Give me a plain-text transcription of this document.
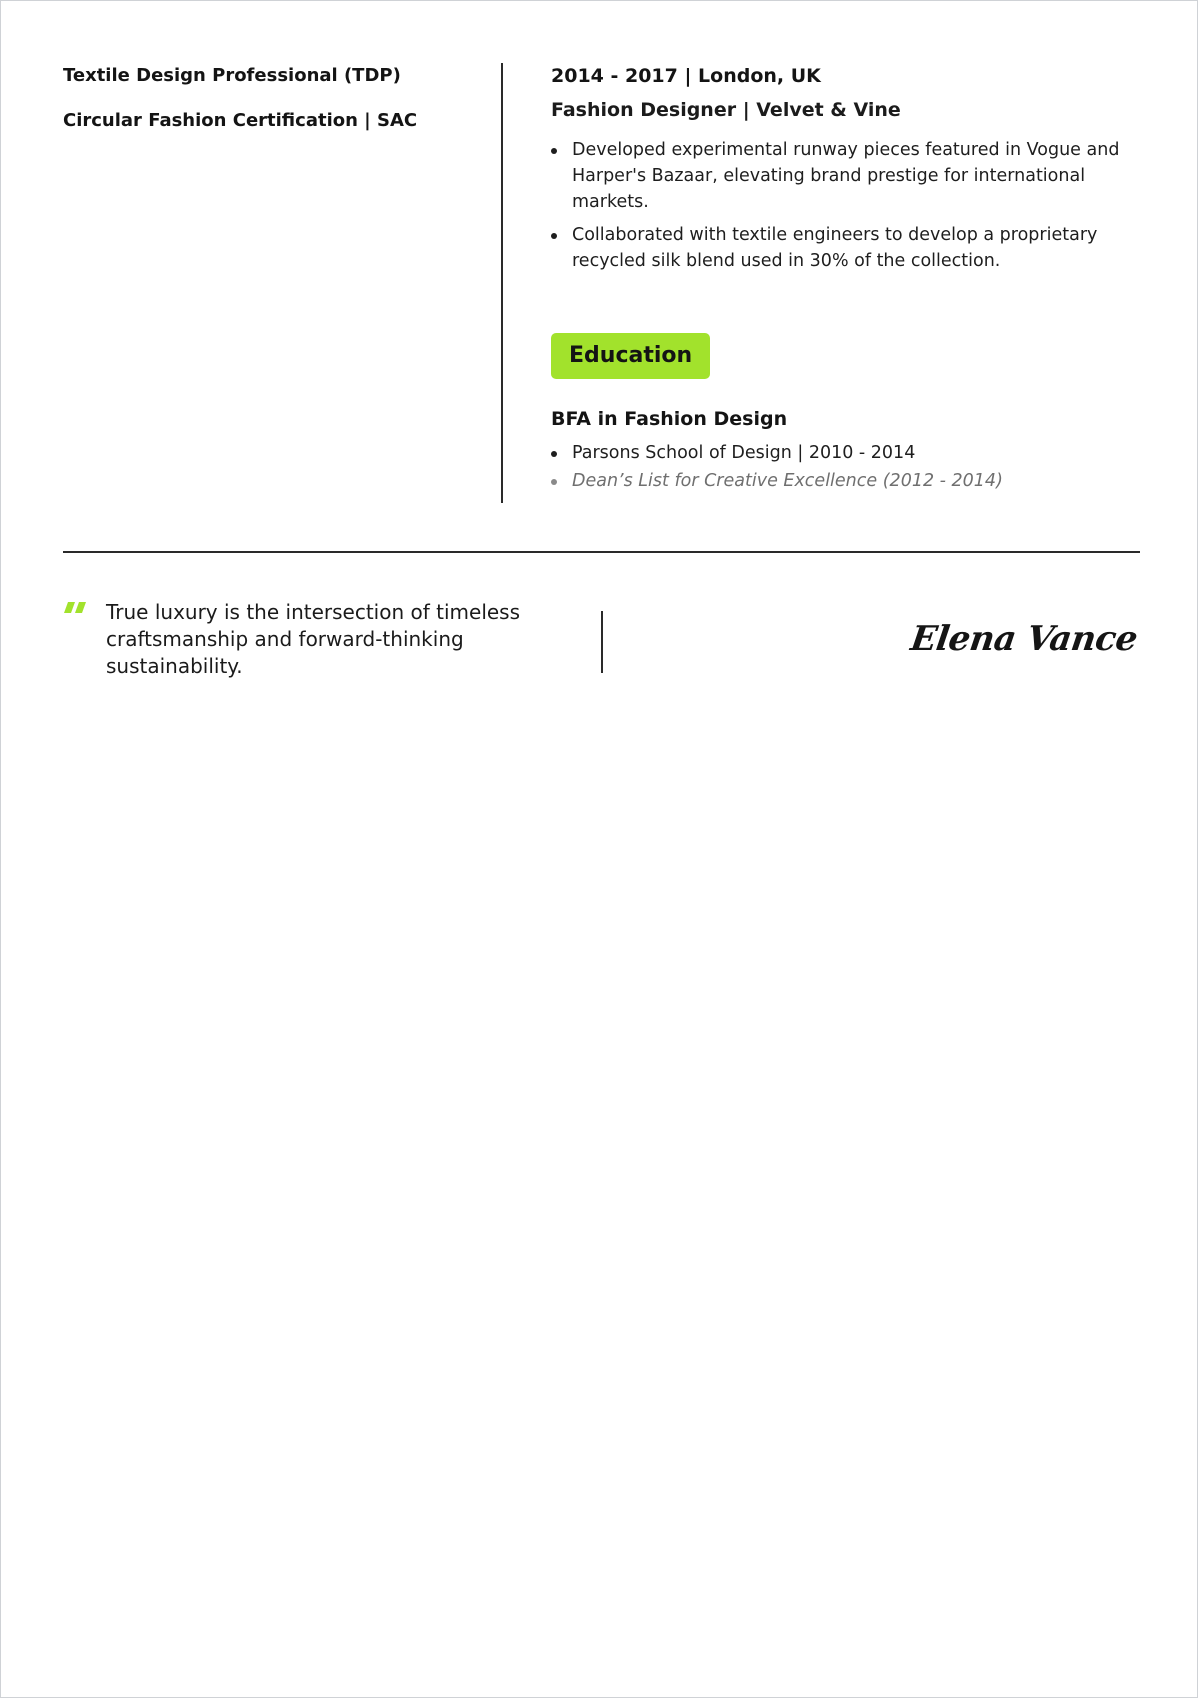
Textile Design Professional (TDP)

Circular Fashion Certification | SAC

2014 - 2017 | London, UK

Fashion Designer | Velvet & Vine

Developed experimental runway pieces featured in Vogue and Harper's Bazaar, elevating brand prestige for international markets.
Collaborated with textile engineers to develop a proprietary recycled silk blend used in 30% of the collection.
Education

BFA in Fashion Design

Parsons School of Design | 2010 - 2014
Dean’s List for Creative Excellence (2012 - 2014)

True luxury is the intersection of timeless craftsmanship and forward-thinking sustainability.

Elena Vance
